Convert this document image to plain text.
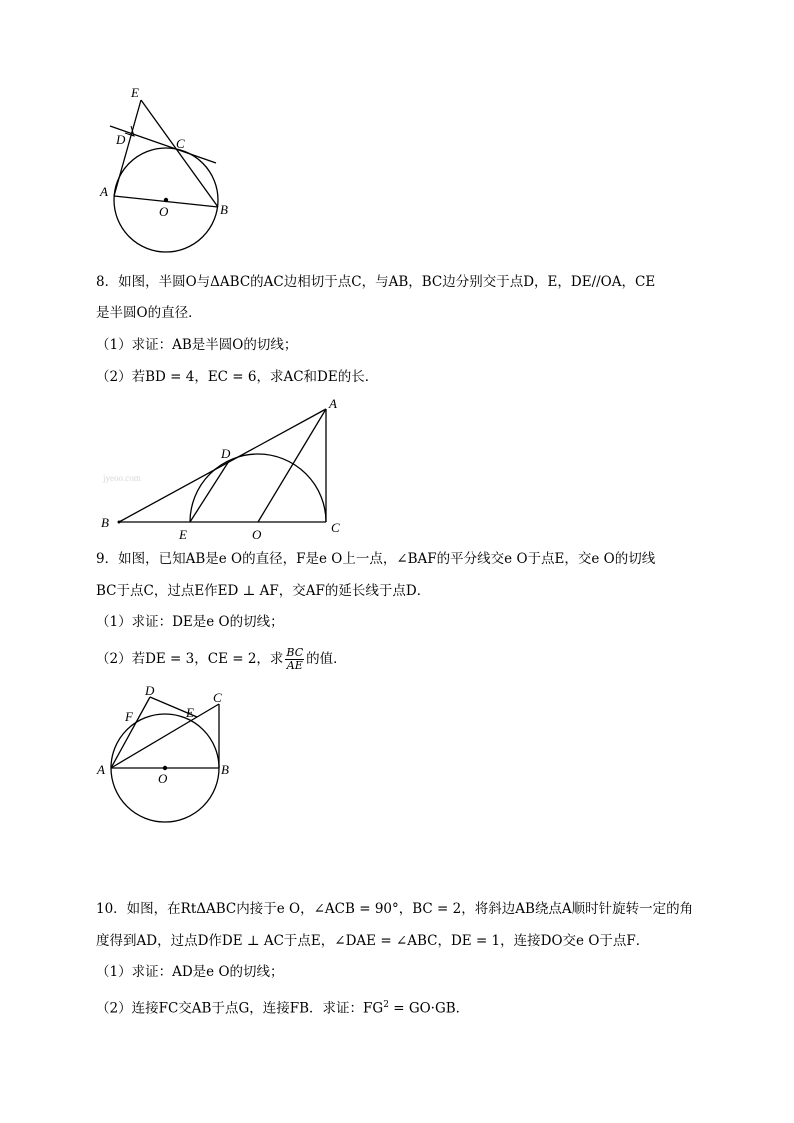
E
D	C
A
O	B
8．如图，半圆O与ΔABC的AC边相切于点C，与AB，BC边分别交于点D，E，DE//OA，CE
是半圆O的直径．
（1）求证：AB是半圆O的切线；
（2）若BD = 4，EC = 6，求AC和DE的长．
jyeoo.com
A
D
B
E	O	C
9．如图，已知AB是e O的直径，F是e O上一点，∠BAF的平分线交e O于点E，交e O的切线
BC于点C，过点E作ED ⊥ AF，交AF的延长线于点D．
（1）求证：DE是e O的切线；
（2）若DE = 3，CE = 2，求 $\frac{BC}{AE}$ 的值．
D	C
F	E
A
O
B
10．如图，在RtΔABC内接于e O，∠ACB = 90°，BC = 2，将斜边AB绕点A顺时针旋转一定的角
度得到AD，过点D作DE ⊥ AC于点E，∠DAE = ∠ABC，DE = 1，连接DO交e O于点F．
（1）求证：AD是e O的切线；
（2）连接FC交AB于点G，连接FB．求证：$FG^2 = GO\cdot GB$．
